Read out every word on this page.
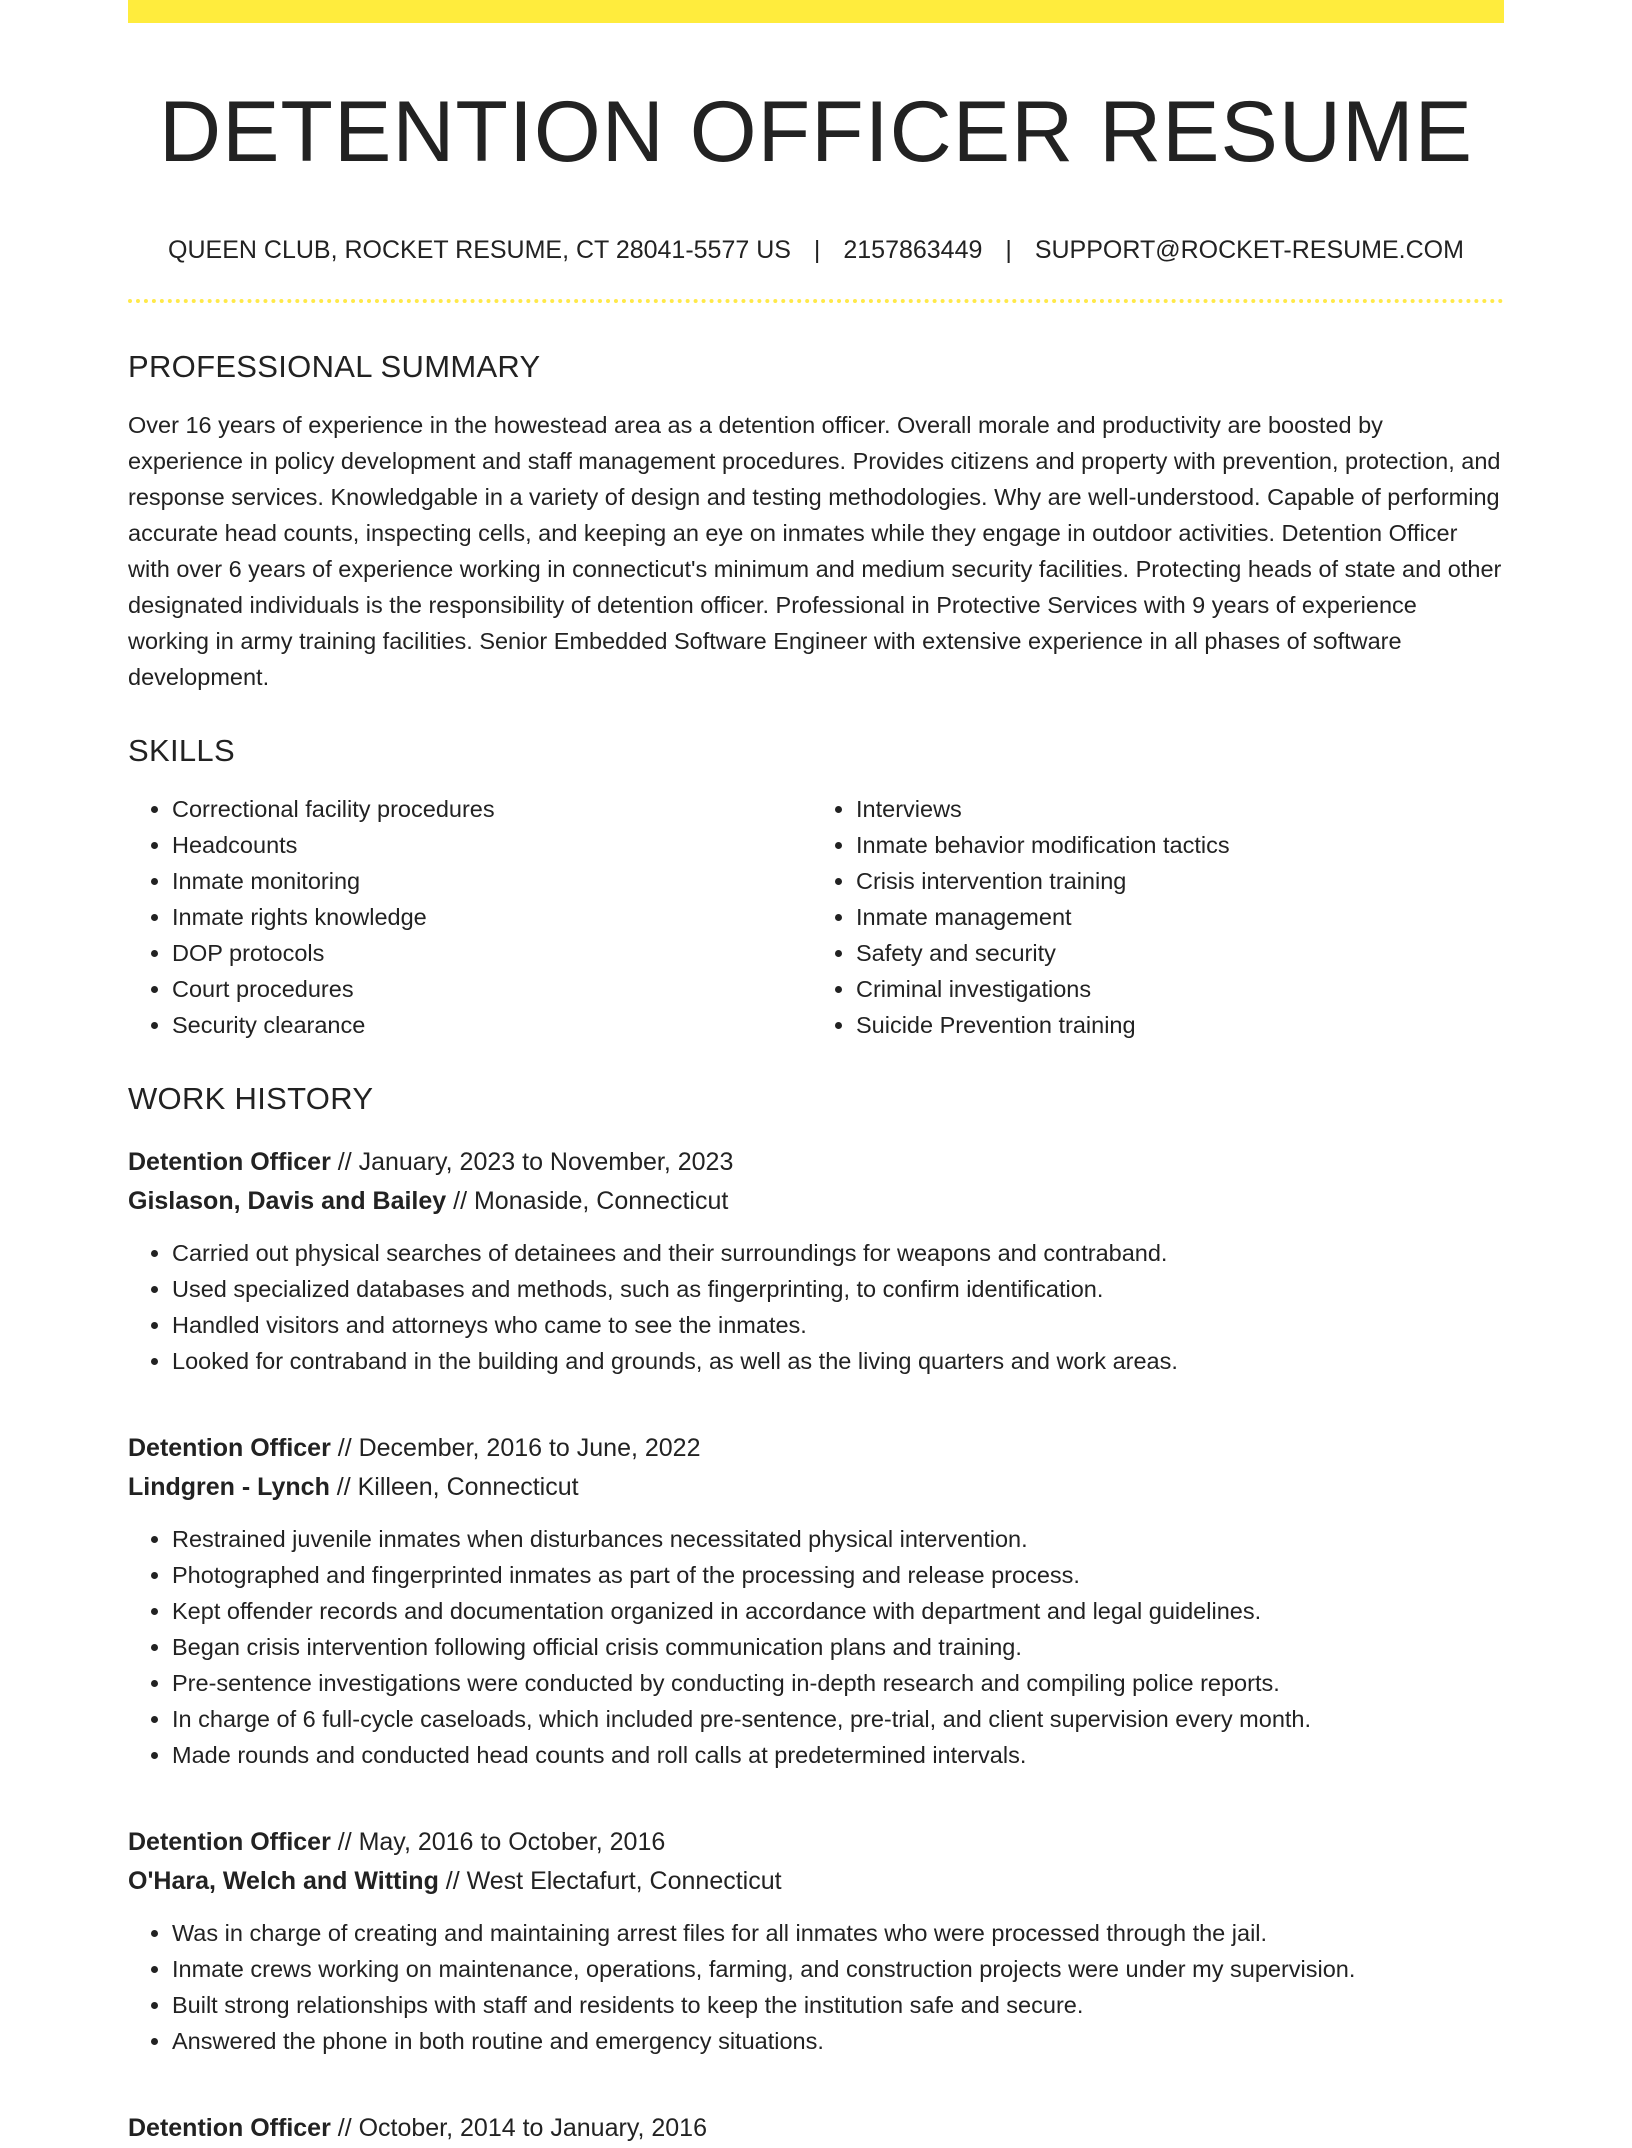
DETENTION OFFICER RESUME
QUEEN CLUB, ROCKET RESUME, CT 28041-5577 US | 2157863449 | SUPPORT@ROCKET-RESUME.COM
PROFESSIONAL SUMMARY

Over 16 years of experience in the howestead area as a detention officer. Overall morale and productivity are boosted by experience in policy development and staff management procedures. Provides citizens and property with prevention, protection, and response services. Knowledgable in a variety of design and testing methodologies. Why are well-understood. Capable of performing accurate head counts, inspecting cells, and keeping an eye on inmates while they engage in outdoor activities. Detention Officer with over 6 years of experience working in connecticut's minimum and medium security facilities. Protecting heads of state and other designated individuals is the responsibility of detention officer. Professional in Protective Services with 9 years of experience working in army training facilities. Senior Embedded Software Engineer with extensive experience in all phases of software development.

SKILLS
• Correctional facility procedures
• Headcounts
• Inmate monitoring
• Inmate rights knowledge
• DOP protocols
• Court procedures
• Security clearance
• Interviews
• Inmate behavior modification tactics
• Crisis intervention training
• Inmate management
• Safety and security
• Criminal investigations
• Suicide Prevention training
WORK HISTORY
Detention Officer // January, 2023 to November, 2023
Gislason, Davis and Bailey // Monaside, Connecticut
• Carried out physical searches of detainees and their surroundings for weapons and contraband.
• Used specialized databases and methods, such as fingerprinting, to confirm identification.
• Handled visitors and attorneys who came to see the inmates.
• Looked for contraband in the building and grounds, as well as the living quarters and work areas.
Detention Officer // December, 2016 to June, 2022
Lindgren - Lynch // Killeen, Connecticut
• Restrained juvenile inmates when disturbances necessitated physical intervention.
• Photographed and fingerprinted inmates as part of the processing and release process.
• Kept offender records and documentation organized in accordance with department and legal guidelines.
• Began crisis intervention following official crisis communication plans and training.
• Pre-sentence investigations were conducted by conducting in-depth research and compiling police reports.
• In charge of 6 full-cycle caseloads, which included pre-sentence, pre-trial, and client supervision every month.
• Made rounds and conducted head counts and roll calls at predetermined intervals.
Detention Officer // May, 2016 to October, 2016
O'Hara, Welch and Witting // West Electafurt, Connecticut
• Was in charge of creating and maintaining arrest files for all inmates who were processed through the jail.
• Inmate crews working on maintenance, operations, farming, and construction projects were under my supervision.
• Built strong relationships with staff and residents to keep the institution safe and secure.
• Answered the phone in both routine and emergency situations.
Detention Officer // October, 2014 to January, 2016
